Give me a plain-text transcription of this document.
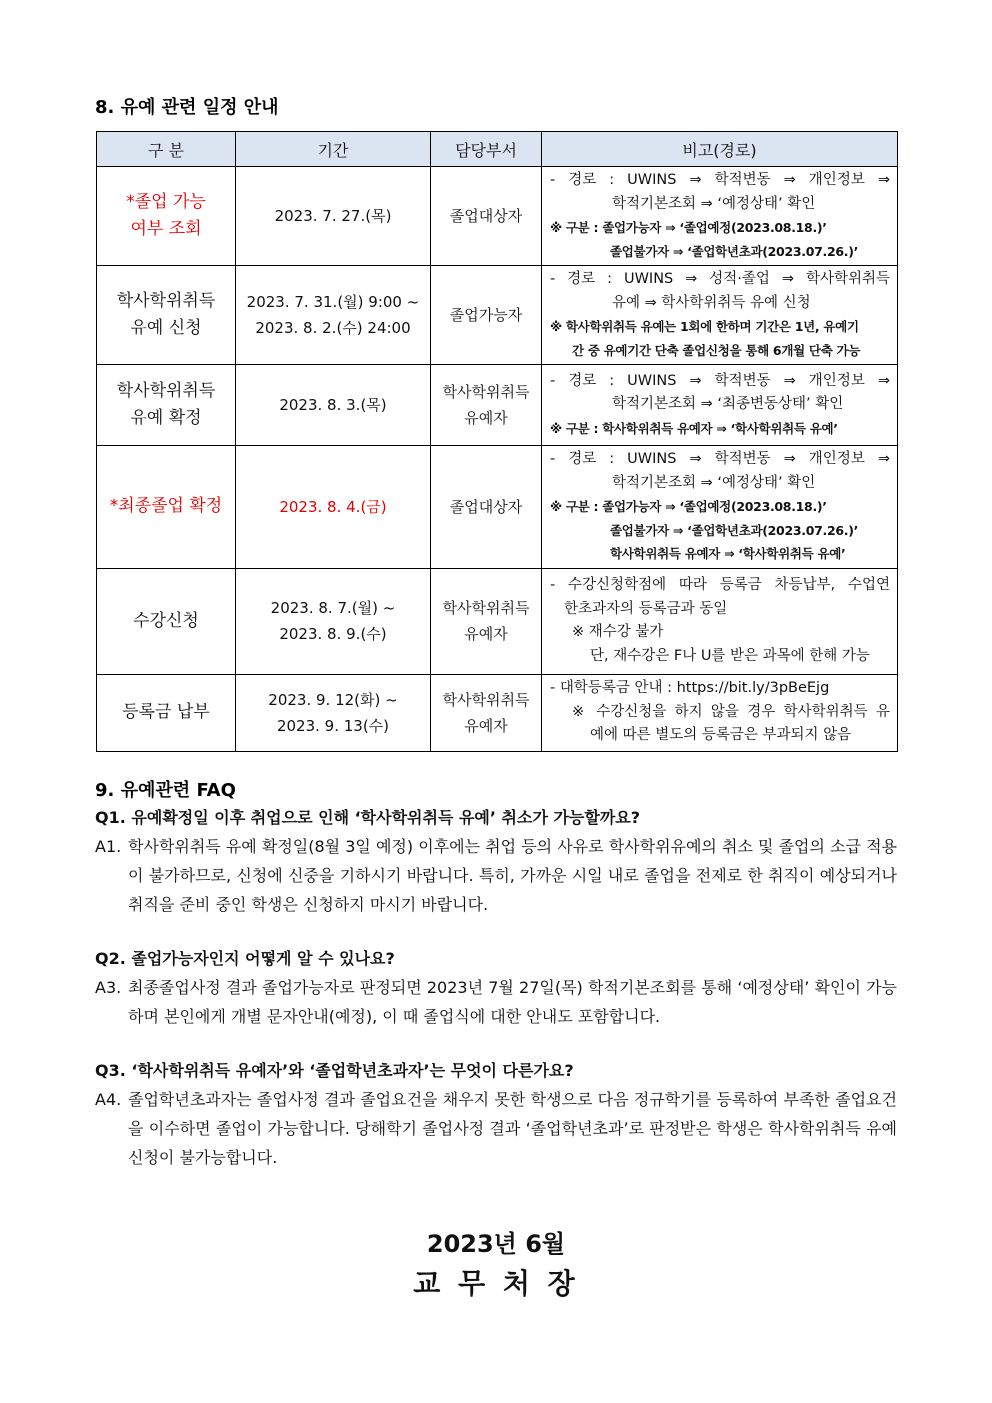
8. 유예 관련 일정 안내
구 분	기간	담당부서	비고(경로)

*졸업 가능
여부 조회	2023. 7. 27.(목)	졸업대상자	- 경로 : UWINS ⇒ 학적변동 ⇒ 개인정보 ⇒
학적기본조회 ⇒ ‘예정상태’ 확인
※ 구분 : 졸업가능자 ⇒ ‘졸업예정(2023.08.18.)’
졸업불가자 ⇒ ‘졸업학년초과(2023.07.26.)’

학사학위취득
유예 신청	2023. 7. 31.(월) 9:00 ~
2023. 8. 2.(수) 24:00	졸업가능자	- 경로 : UWINS ⇒ 성적·졸업 ⇒ 학사학위취득
유예 ⇒ 학사학위취득 유예 신청
※ 학사학위취득 유예는 1회에 한하며 기간은 1년, 유예기
간 중 유예기간 단축 졸업신청을 통해 6개월 단축 가능

학사학위취득
유예 확정	2023. 8. 3.(목)	학사학위취득
유예자	- 경로 : UWINS ⇒ 학적변동 ⇒ 개인정보 ⇒
학적기본조회 ⇒ ‘최종변동상태’ 확인
※ 구분 : 학사학위취득 유예자 ⇒ ‘학사학위취득 유예’

*최종졸업 확정	2023. 8. 4.(금)	졸업대상자	- 경로 : UWINS ⇒ 학적변동 ⇒ 개인정보 ⇒
학적기본조회 ⇒ ‘예정상태’ 확인
※ 구분 : 졸업가능자 ⇒ ‘졸업예정(2023.08.18.)’
졸업불가자 ⇒ ‘졸업학년초과(2023.07.26.)’
학사학위취득 유예자 ⇒ ‘학사학위취득 유예’

수강신청	2023. 8. 7.(월) ~
2023. 8. 9.(수)	학사학위취득
유예자	- 수강신청학점에 따라 등록금 차등납부, 수업연
한초과자의 등록금과 동일
※ 재수강 불가
단, 재수강은 F나 U를 받은 과목에 한해 가능

등록금 납부	2023. 9. 12(화) ~
2023. 9. 13(수)	학사학위취득
유예자	- 대학등록금 안내 : https://bit.ly/3pBeEjg
※ 수강신청을 하지 않을 경우 학사학위취득 유
예에 따른 별도의 등록금은 부과되지 않음
9. 유예관련 FAQ
Q1. 유예확정일 이후 취업으로 인해 ‘학사학위취득 유예’ 취소가 가능할까요?
A1. 학사학위취득 유예 확정일(8월 3일 예정) 이후에는 취업 등의 사유로 학사학위유예의 취소 및 졸업의 소급 적용이 불가하므로, 신청에 신중을 기하시기 바랍니다. 특히, 가까운 시일 내로 졸업을 전제로 한 취직이 예상되거나 취직을 준비 중인 학생은 신청하지 마시기 바랍니다.
Q2. 졸업가능자인지 어떻게 알 수 있나요?
A3. 최종졸업사정 결과 졸업가능자로 판정되면 2023년 7월 27일(목) 학적기본조회를 통해 ‘예정상태’ 확인이 가능하며 본인에게 개별 문자안내(예정), 이 때 졸업식에 대한 안내도 포함합니다.
Q3. ‘학사학위취득 유예자’와 ‘졸업학년초과자’는 무엇이 다른가요?
A4. 졸업학년초과자는 졸업사정 결과 졸업요건을 채우지 못한 학생으로 다음 정규학기를 등록하여 부족한 졸업요건을 이수하면 졸업이 가능합니다. 당해학기 졸업사정 결과 ‘졸업학년초과’로 판정받은 학생은 학사학위취득 유예 신청이 불가능합니다.
2023년 6월
교 무 처 장
